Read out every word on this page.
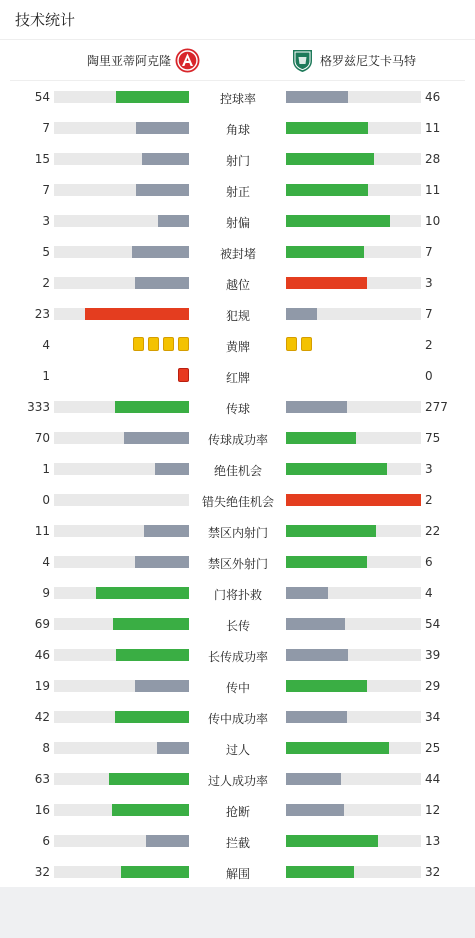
技术统计
陶里亚蒂阿克隆	格罗兹尼艾卡马特
54	控球率	46
7	角球	11
15	射门	28
7	射正	11
3	射偏	10
5	被封堵	7
2	越位	3
23	犯规	7
4	黄牌	2
1	红牌	0
333	传球	277
70	传球成功率	75
1	绝佳机会	3
0	错失绝佳机会	2
11	禁区内射门	22
4	禁区外射门	6
9	门将扑救	4
69	长传	54
46	长传成功率	39
19	传中	29
42	传中成功率	34
8	过人	25
63	过人成功率	44
16	抢断	12
6	拦截	13
32	解围	32
